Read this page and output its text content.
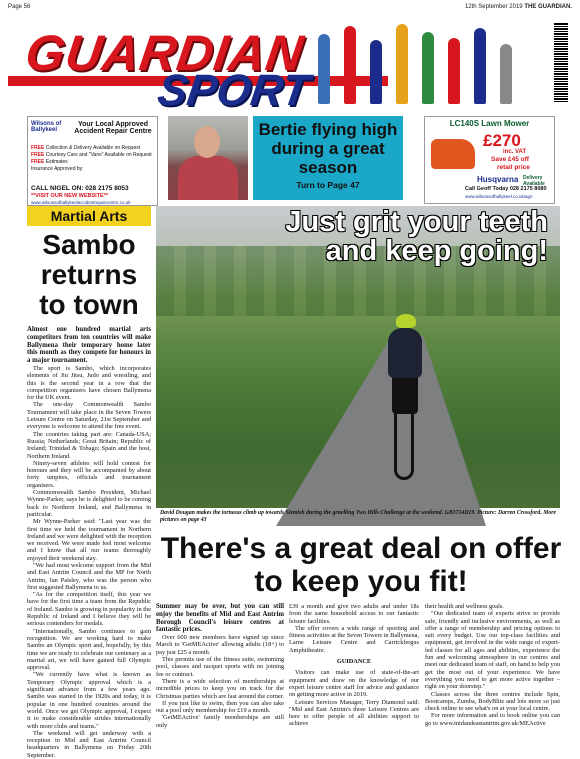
Page 56	12th September 2019 THE GUARDIAN.
GUARDIAN
SPORT
Wilsons of Ballykeel
Your Local Approved Accident Repair Centre
FREE Collection & Delivery Available on Request
FREE Courtesy Cars and "Vans" Available on Request
FREE Estimates
Insurance Approved by:
CALL NIGEL ON: 028 2175 8053
**VISIT OUR NEW WEBSITE**
www.wilsonsofballykeelaccidentrepaircentre.co.uk
Bertie flying high during a great season
Turn to Page 47
LC140S Lawn Mower
£270
inc. VAT
Save £45 off
retail price
Husqvarna Delivery Available
Call Geoff Today 028 2175 8080
www.wilsonsofballykeel.co.uk/agri
Martial Arts
Sambo returns to town

Almost one hundred martial arts competitors from ten countries will make Ballymena their temporary home later this month as they compete for honours in a major tournament.

The sport is Sambo, which incorporates elements of Jiu Jitsu, Judo and wrestling, and this is the second year in a row that the competition organisers have chosen Ballymena for the UK event.

The one-day Commonwealth Sambo Tournament will take place in the Seven Towers Leisure Centre on Saturday, 21st September and everyone is welcome to attend the free event.

The countries taking part are: Canada-USA; Russia; Netherlands; Great Britain; Republic of Ireland; Trinidad & Tobago; Spain and the host, Northern Ireland.

Ninety-seven athletes will hold contest for honours and they will be accompanied by about forty umpires, officials and tournament organisers.

Commonwealth Sambo President, Michael Wynne-Parker, says he is delighted to be coming back to Northern Ireland, and Ballymena in particular.

Mr Wynne-Parker said: "Last year was the first time we held the tournament in Northern Ireland and we were delighted with the reception we received. We were made feel most welcome and I know that all our teams thoroughly enjoyed their weekend stay.

"We had most welcome support from the Mid and East Antrim Council and the MP for North Antrim, Ian Paisley, who was the person who first suggested Ballymena to us.

"As for the competition itself, this year we have for the first time a team from the Republic of Ireland. Sambo is growing in popularity in the Republic of Ireland and I believe they will be serious contenders for medals.

"Internationally, Sambo continues to gain recognition. We are working hard to make Sambo an Olympic sport and, hopefully, by this time we are ready to celebrate our centenary as a martial art, we will have gained full Olympic approval.

"We currently have what is known as Temporary Olympic approval which is a significant advance from a few years ago. Sambo was started in the 1920s and today, it is popular in one hundred countries around the world. Once we get Olympic approval, I expect it to make considerable strides internationally with more clubs and teams."

The weekend will get underway with a reception in Mid and East Antrim Council headquarters in Ballymena on Friday 20th September.

Just grit your teeth and keep going!
David Dougan makes the tortuous climb up towards Slemish during the gruelling Two Hills Challenge at the weekend. GB3714D19. Picture: Darren Crossford. More pictures on page 43
There's a great deal on offer to keep you fit!

Summer may be over, but you can still enjoy the benefits of Mid and East Antrim Borough Council's leisure centres at fantastic prices.

Over 600 new members have signed up since March to 'GetMEActive' allowing adults (18+) to pay just £25 a month.

This permits use of the fitness suite, swimming pool, classes and racquet sports with no joining fee or contract.

There is a wide selection of memberships at incredible prices to keep you on track for the Christmas parties which are fast around the corner.

If you just like to swim, then you can also take out a pool only membership for £19 a month.

'GetMEActive' family memberships are still only

£39 a month and give two adults and under 18s from the same household access to our fantastic leisure facilities.

The offer covers a wide range of sporting and fitness activities at the Seven Towers in Ballymena, Larne Leisure Centre and Carrickfergus Amphitheatre.

GUIDANCE

Visitors can make use of state-of-the-art equipment and draw on the knowledge of our expert leisure centre staff for advice and guidance on getting more active in 2019.

Leisure Services Manager, Terry Diamond said: "Mid and East Antrim's three Leisure Centres are here to offer people of all abilities support to achieve

their health and wellness goals.

"Our dedicated team of experts strive to provide safe, friendly and inclusive environments, as well as offer a range of membership and pricing options to suit every budget. Use our top-class facilities and equipment, get involved in the wide range of expert-led classes for all ages and abilities, experience the fun and welcoming atmosphere in our centres and meet our dedicated team of staff, on hand to help you get the most out of your experience. We have everything you need to get more active together – right on your doorstep."

Classes across the three centres include Spin, Bootcamps, Zumba, BodyBlitz and lots more so just check online to see what's on at your local centre.

For more information and to book online you can go to www.midandeastantrim.gov.uk/MEActive
